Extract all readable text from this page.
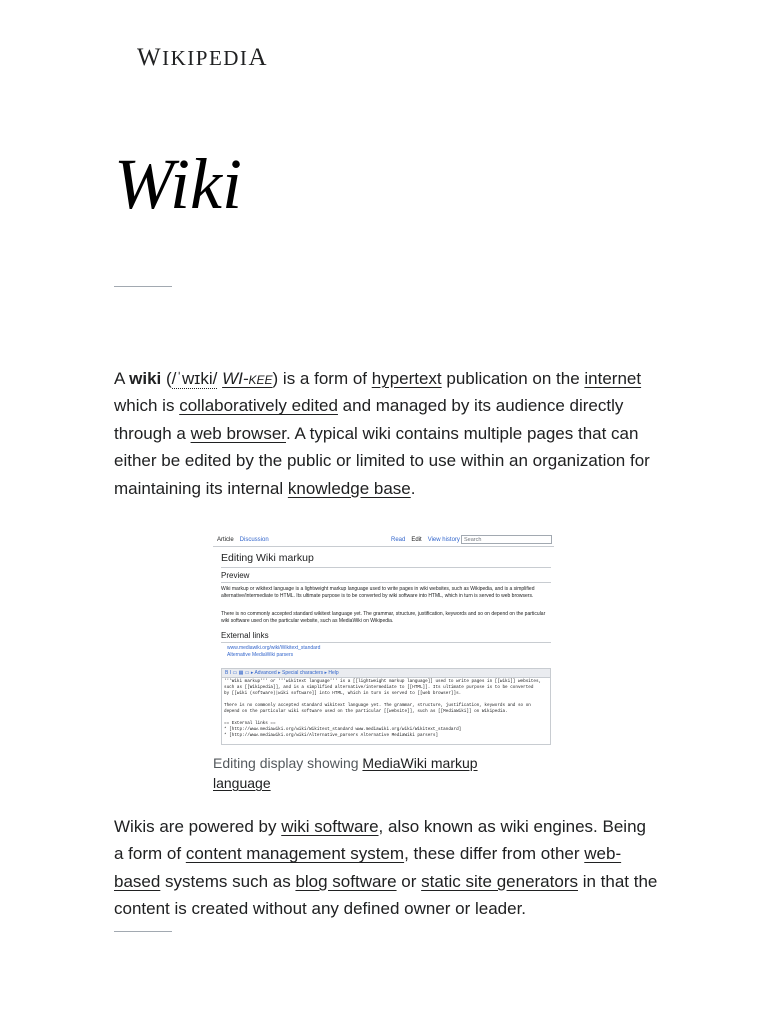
WIKIPEDIA
Wiki

A wiki (/ˈwɪki/ WI-kee) is a form of hypertext publication on the internet which is collaboratively edited and managed by its audience directly through a web browser. A typical wiki contains multiple pages that can either be edited by the public or limited to use within an organization for maintaining its internal knowledge base.

Article Discussion	Read Edit View history Search
Editing Wiki markup
Preview
Wiki markup or wikitext language is a lightweight markup language used to write pages in wiki websites, such as Wikipedia, and is a simplified alternative/intermediate to HTML. Its ultimate purpose is to be converted by wiki software into HTML, which in turn is served to web browsers.
There is no commonly accepted standard wikitext language yet. The grammar, structure, justification, keywords and so on depend on the particular wiki software used on the particular website, such as MediaWiki on Wikipedia.
External links
www.mediawiki.org/wiki/Wikitext_standard
Alternative MediaWiki parsers
B I ▭ ▦ ▭ ▸ Advanced ▸ Special characters ▸ Help
'''Wiki markup''' or '''wikitext language''' is a [[lightweight markup language]] used to write pages in [[wiki]] websites,
such as [[Wikipedia]], and is a simplified alternative/intermediate to [[HTML]]. Its ultimate purpose is to be converted
by [[wiki (software)|wiki software]] into HTML, which in turn is served to [[web browser]]s.

There is no commonly accepted standard wikitext language yet. The grammar, structure, justification, keywords and so on
depend on the particular wiki software used on the particular [[website]], such as [[MediaWiki]] on Wikipedia.

== External links ==
* [http://www.mediawiki.org/wiki/Wikitext_standard www.mediawiki.org/wiki/Wikitext_standard]
* [http://www.mediawiki.org/wiki/Alternative_parsers Alternative MediaWiki parsers]
Editing display showing MediaWiki markup language

Wikis are powered by wiki software, also known as wiki engines. Being a form of content management system, these differ from other web-based systems such as blog software or static site generators in that the content is created without any defined owner or leader.
